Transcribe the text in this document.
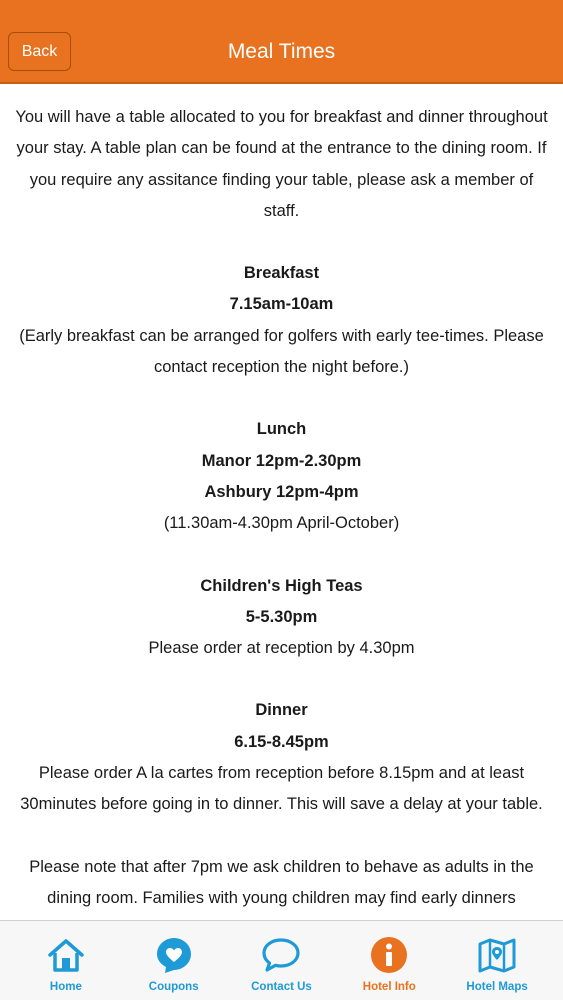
Back	Meal Times

You will have a table allocated to you for breakfast and dinner throughout your stay. A table plan can be found at the entrance to the dining room. If you require any assitance finding your table, please ask a member of staff.

Breakfast

7.15am-10am

(Early breakfast can be arranged for golfers with early tee-times. Please contact reception the night before.)

Lunch

Manor 12pm-2.30pm

Ashbury 12pm-4pm

(11.30am-4.30pm April-October)

Children's High Teas

5-5.30pm

Please order at reception by 4.30pm

Dinner

6.15-8.45pm

Please order A la cartes from reception before 8.15pm and at least 30minutes before going in to dinner. This will save a delay at your table.

Please note that after 7pm we ask children to behave as adults in the dining room. Families with young children may find early dinners

Home	Coupons	Contact Us	Hotel Info	Hotel Maps
